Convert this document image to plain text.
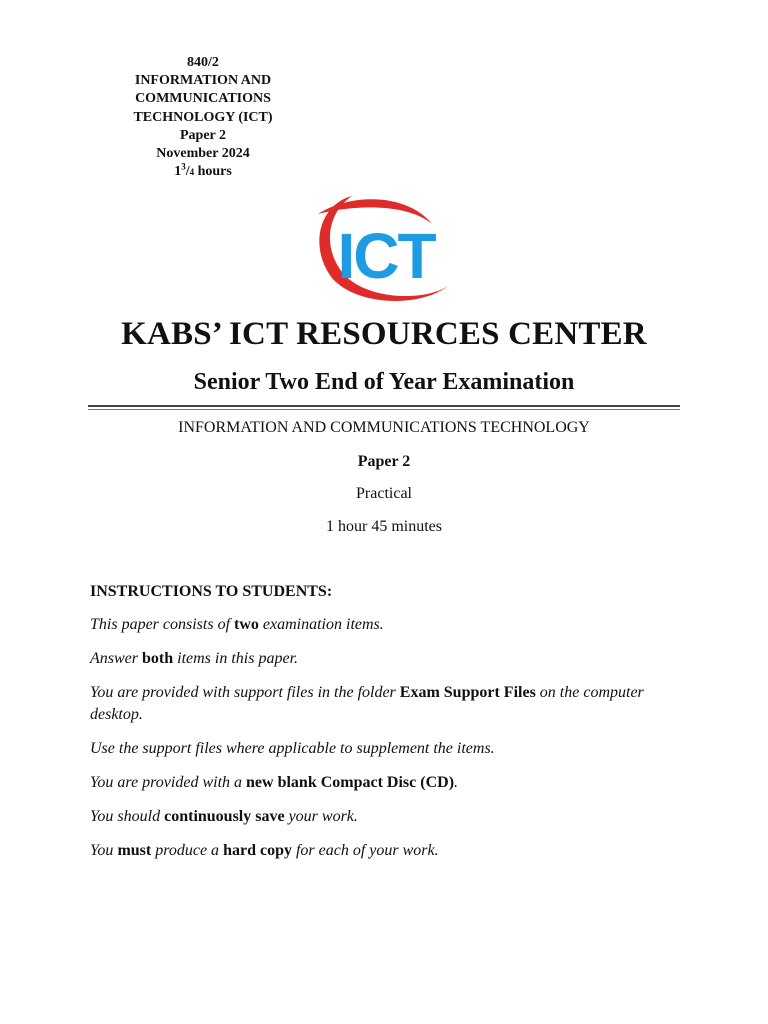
840/2
INFORMATION AND
COMMUNICATIONS
TECHNOLOGY (ICT)
Paper 2
November 2024
$1^3/4$ hours
ICT
KABS’ ICT RESOURCES CENTER
Senior Two End of Year Examination
INFORMATION AND COMMUNICATIONS TECHNOLOGY
Paper 2
Practical
1 hour 45 minutes
INSTRUCTIONS TO STUDENTS:
This paper consists of two examination items.
Answer both items in this paper.
You are provided with support files in the folder Exam Support Files on the computer desktop.
Use the support files where applicable to supplement the items.
You are provided with a new blank Compact Disc (CD).
You should continuously save your work.
You must produce a hard copy for each of your work.
